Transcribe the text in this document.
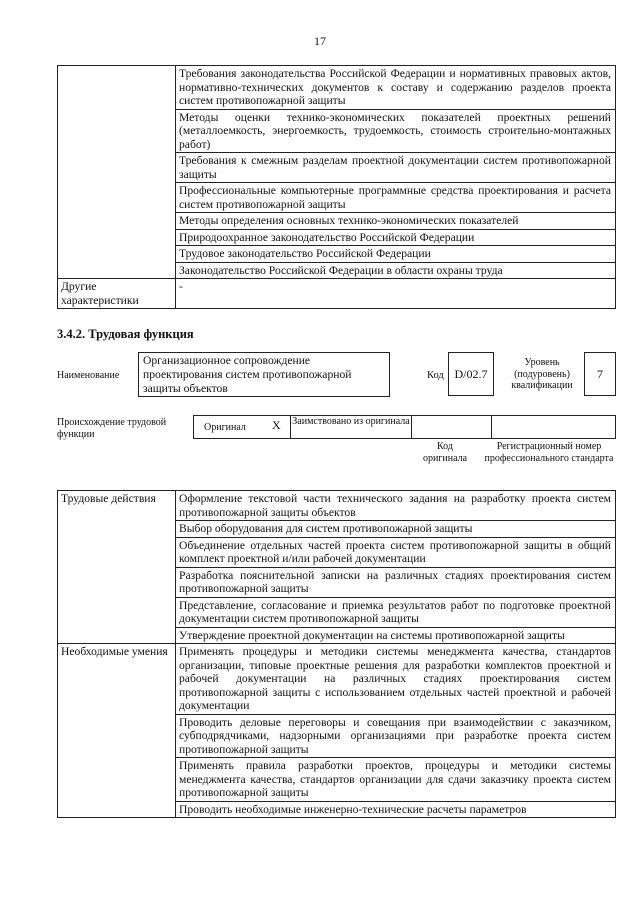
17
	Требования законодательства Российской Федерации и нормативных правовых актов, нормативно-технических документов к составу и содержанию разделов проекта систем противопожарной защиты
	Методы оценки технико-экономических показателей проектных решений (металлоемкость, энергоемкость, трудоемкость, стоимость строительно-монтажных работ)
	Требования к смежным разделам проектной документации систем противопожарной защиты
	Профессиональные компьютерные программные средства проектирования и расчета систем противопожарной защиты
	Методы определения основных технико-экономических показателей
	Природоохранное законодательство Российской Федерации
	Трудовое законодательство Российской Федерации
	Законодательство Российской Федерации в области охраны труда
Другие характеристики	-
3.4.2. Трудовая функция
Наименование
Организационное сопровождение проектирования систем противопожарной защиты объектов
Код D/02.7
Уровень (подуровень) квалификации
7
Происхождение трудовой функции
Оригинал X Заимствовано из оригинала
Код оригинала
Регистрационный номер профессионального стандарта
Трудовые действия	Оформление текстовой части технического задания на разработку проекта систем противопожарной защиты объектов
	Выбор оборудования для систем противопожарной защиты
	Объединение отдельных частей проекта систем противопожарной защиты в общий комплект проектной и/или рабочей документации
	Разработка пояснительной записки на различных стадиях проектирования систем противопожарной защиты
	Представление, согласование и приемка результатов работ по подготовке проектной документации систем противопожарной защиты
	Утверждение проектной документации на системы противопожарной защиты
Необходимые умения	Применять процедуры и методики системы менеджмента качества, стандартов организации, типовые проектные решения для разработки комплектов проектной и рабочей документации на различных стадиях проектирования систем противопожарной защиты с использованием отдельных частей проектной и рабочей документации
	Проводить деловые переговоры и совещания при взаимодействии с заказчиком, субподрядчиками, надзорными организациями при разработке проекта систем противопожарной защиты
	Применять правила разработки проектов, процедуры и методики системы менеджмента качества, стандартов организации для сдачи заказчику проекта систем противопожарной защиты
	Проводить необходимые инженерно-технические расчеты параметров
